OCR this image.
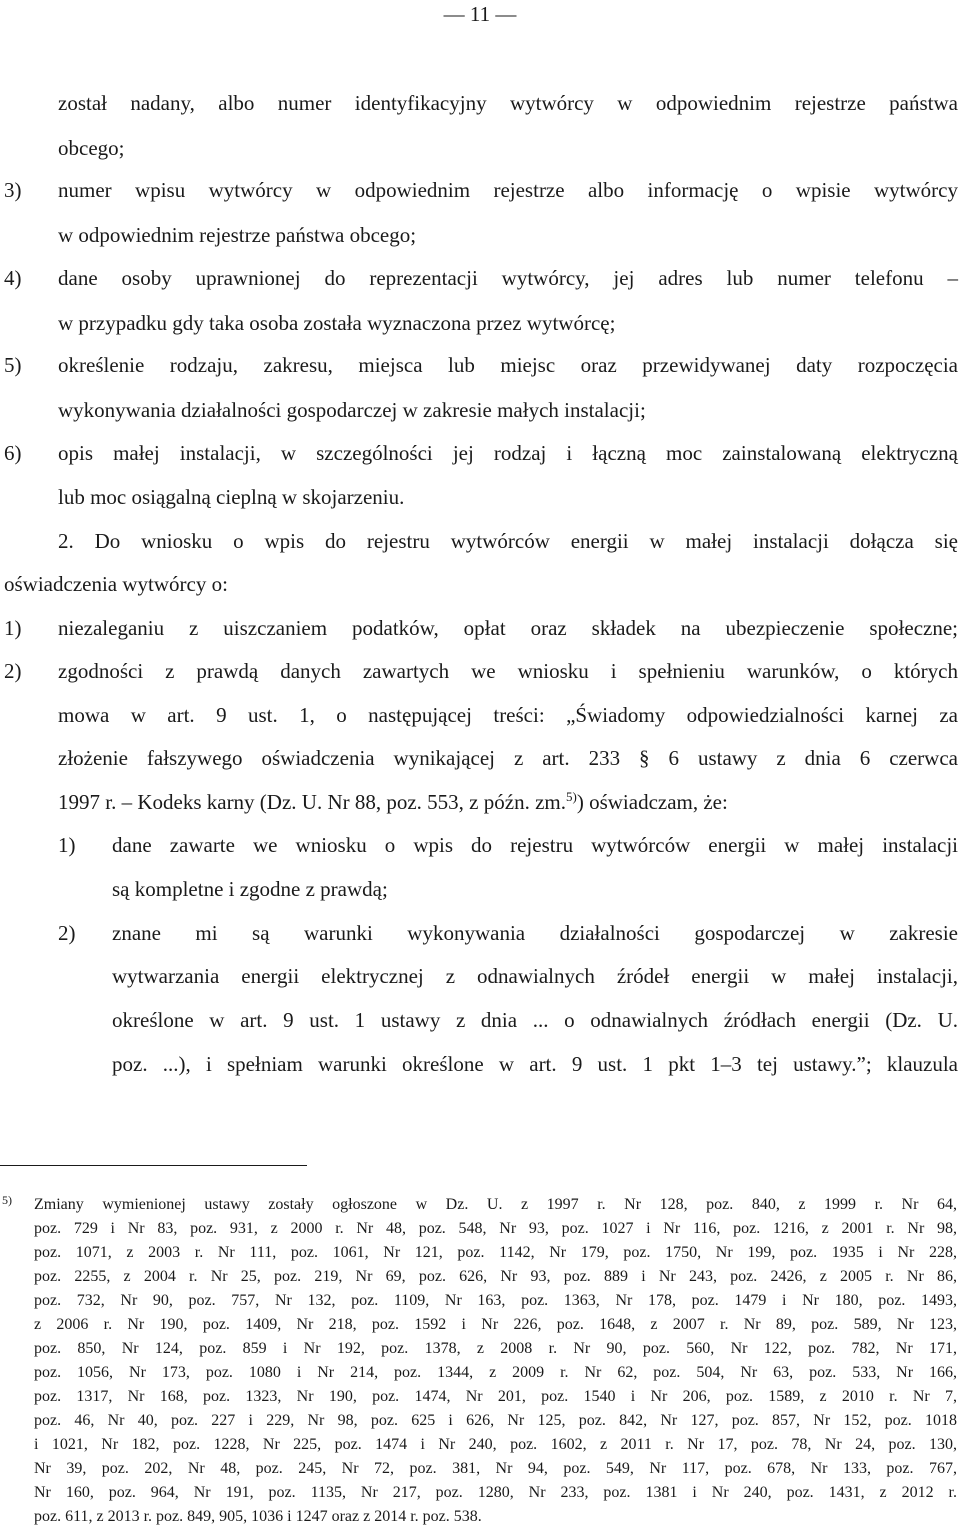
— 11 —
został nadany, albo numer identyfikacyjny wytwórcy w odpowiednim rejestrze państwa
obcego;
3) numer wpisu wytwórcy w odpowiednim rejestrze albo informację o wpisie wytwórcy
w odpowiednim rejestrze państwa obcego;
4) dane osoby uprawnionej do reprezentacji wytwórcy, jej adres lub numer telefonu –
w przypadku gdy taka osoba została wyznaczona przez wytwórcę;
5) określenie rodzaju, zakresu, miejsca lub miejsc oraz przewidywanej daty rozpoczęcia
wykonywania działalności gospodarczej w zakresie małych instalacji;
6) opis małej instalacji, w szczególności jej rodzaj i łączną moc zainstalowaną elektryczną
lub moc osiągalną cieplną w skojarzeniu.
2. Do wniosku o wpis do rejestru wytwórców energii w małej instalacji dołącza się
oświadczenia wytwórcy o:
1) niezaleganiu z uiszczaniem podatków, opłat oraz składek na ubezpieczenie społeczne;
2) zgodności z prawdą danych zawartych we wniosku i spełnieniu warunków, o których
mowa w art. 9 ust. 1, o następującej treści: „Świadomy odpowiedzialności karnej za
złożenie fałszywego oświadczenia wynikającej z art. 233 § 6 ustawy z dnia 6 czerwca
1997 r. – Kodeks karny (Dz. U. Nr 88, poz. 553, z późn. zm.$^{5)}$) oświadczam, że:
1) dane zawarte we wniosku o wpis do rejestru wytwórców energii w małej instalacji
są kompletne i zgodne z prawdą;
2) znane mi są warunki wykonywania działalności gospodarczej w zakresie
wytwarzania energii elektrycznej z odnawialnych źródeł energii w małej instalacji,
określone w art. 9 ust. 1 ustawy z dnia ... o odnawialnych źródłach energii (Dz. U.
poz. ...), i spełniam warunki określone w art. 9 ust. 1 pkt 1–3 tej ustawy.”; klauzula
5) Zmiany wymienionej ustawy zostały ogłoszone w Dz. U. z 1997 r. Nr 128, poz. 840, z 1999 r. Nr 64,
poz. 729 i Nr 83, poz. 931, z 2000 r. Nr 48, poz. 548, Nr 93, poz. 1027 i Nr 116, poz. 1216, z 2001 r. Nr 98,
poz. 1071, z 2003 r. Nr 111, poz. 1061, Nr 121, poz. 1142, Nr 179, poz. 1750, Nr 199, poz. 1935 i Nr 228,
poz. 2255, z 2004 r. Nr 25, poz. 219, Nr 69, poz. 626, Nr 93, poz. 889 i Nr 243, poz. 2426, z 2005 r. Nr 86,
poz. 732, Nr 90, poz. 757, Nr 132, poz. 1109, Nr 163, poz. 1363, Nr 178, poz. 1479 i Nr 180, poz. 1493,
z 2006 r. Nr 190, poz. 1409, Nr 218, poz. 1592 i Nr 226, poz. 1648, z 2007 r. Nr 89, poz. 589, Nr 123,
poz. 850, Nr 124, poz. 859 i Nr 192, poz. 1378, z 2008 r. Nr 90, poz. 560, Nr 122, poz. 782, Nr 171,
poz. 1056, Nr 173, poz. 1080 i Nr 214, poz. 1344, z 2009 r. Nr 62, poz. 504, Nr 63, poz. 533, Nr 166,
poz. 1317, Nr 168, poz. 1323, Nr 190, poz. 1474, Nr 201, poz. 1540 i Nr 206, poz. 1589, z 2010 r. Nr 7,
poz. 46, Nr 40, poz. 227 i 229, Nr 98, poz. 625 i 626, Nr 125, poz. 842, Nr 127, poz. 857, Nr 152, poz. 1018
i 1021, Nr 182, poz. 1228, Nr 225, poz. 1474 i Nr 240, poz. 1602, z 2011 r. Nr 17, poz. 78, Nr 24, poz. 130,
Nr 39, poz. 202, Nr 48, poz. 245, Nr 72, poz. 381, Nr 94, poz. 549, Nr 117, poz. 678, Nr 133, poz. 767,
Nr 160, poz. 964, Nr 191, poz. 1135, Nr 217, poz. 1280, Nr 233, poz. 1381 i Nr 240, poz. 1431, z 2012 r.
poz. 611, z 2013 r. poz. 849, 905, 1036 i 1247 oraz z 2014 r. poz. 538.
